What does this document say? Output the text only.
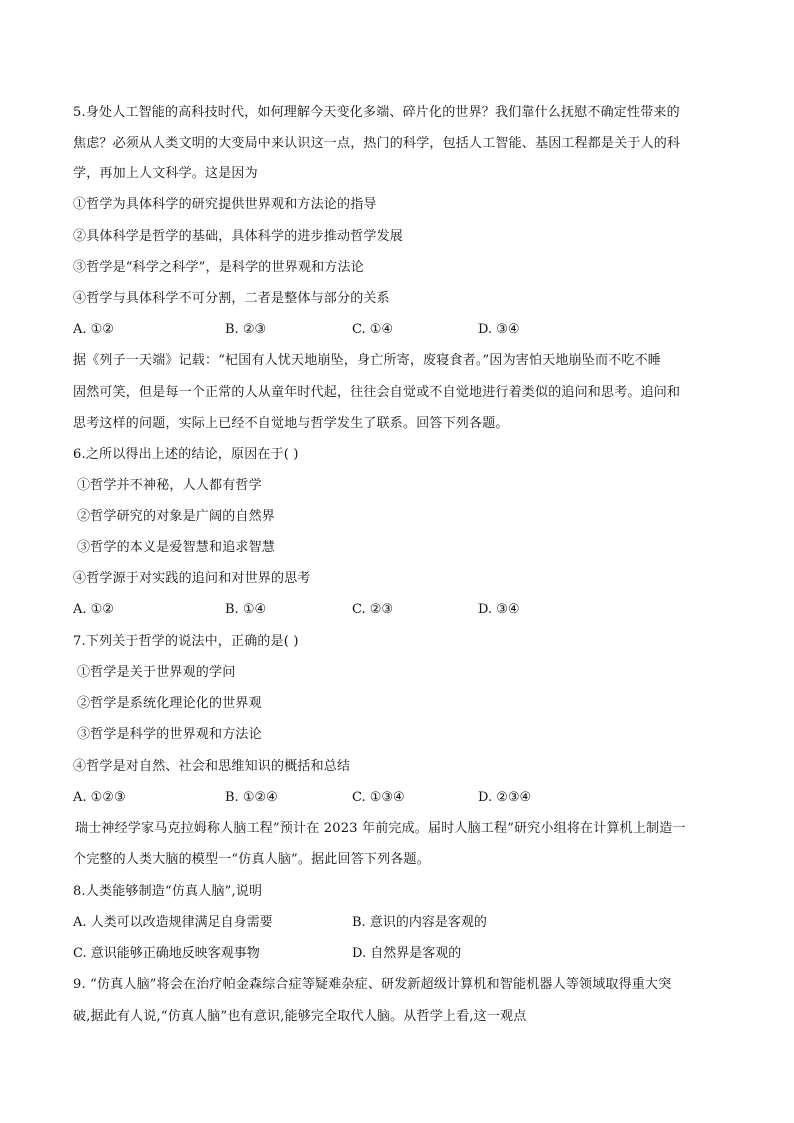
5.身处人工智能的高科技时代，如何理解今天变化多端、碎片化的世界？我们靠什么抚慰不确定性带来的
焦虑？必须从人类文明的大变局中来认识这一点，热门的科学，包括人工智能、基因工程都是关于人的科
学，再加上人文科学。这是因为
①哲学为具体科学的研究提供世界观和方法论的指导
②具体科学是哲学的基础，具体科学的进步推动哲学发展
③哲学是“科学之科学”，是科学的世界观和方法论
④哲学与具体科学不可分割，二者是整体与部分的关系
A. ①②	B. ②③	C. ①④	D. ③④
据《列子一天端》记载：“杞国有人忧天地崩坠，身亡所寄，废寝食者。”因为害怕天地崩坠而不吃不睡
固然可笑，但是每一个正常的人从童年时代起，往往会自觉或不自觉地进行着类似的追问和思考。追问和
思考这样的问题，实际上已经不自觉地与哲学发生了联系。回答下列各题。
6.之所以得出上述的结论，原因在于( )
①哲学并不神秘，人人都有哲学
②哲学研究的对象是广阔的自然界
③哲学的本义是爱智慧和追求智慧
④哲学源于对实践的追问和对世界的思考
A. ①②	B. ①④	C. ②③	D. ③④
7.下列关于哲学的说法中，正确的是( )
①哲学是关于世界观的学问
②哲学是系统化理论化的世界观
③哲学是科学的世界观和方法论
④哲学是对自然、社会和思维知识的概括和总结
A. ①②③	B. ①②④	C. ①③④	D. ②③④
瑞士神经学家马克拉姆称人脑工程”预计在 2023 年前完成。届时人脑工程”研究小组将在计算机上制造一
个完整的人类大脑的模型一“仿真人脑”。据此回答下列各题。
8.人类能够制造“仿真人脑”,说明
A. 人类可以改造规律满足自身需要	B. 意识的内容是客观的
C. 意识能够正确地反映客观事物	D. 自然界是客观的
9. “仿真人脑”将会在治疗帕金森综合症等疑难杂症、研发新超级计算机和智能机器人等领域取得重大突
破,据此有人说,“仿真人脑”也有意识,能够完全取代人脑。从哲学上看,这一观点
